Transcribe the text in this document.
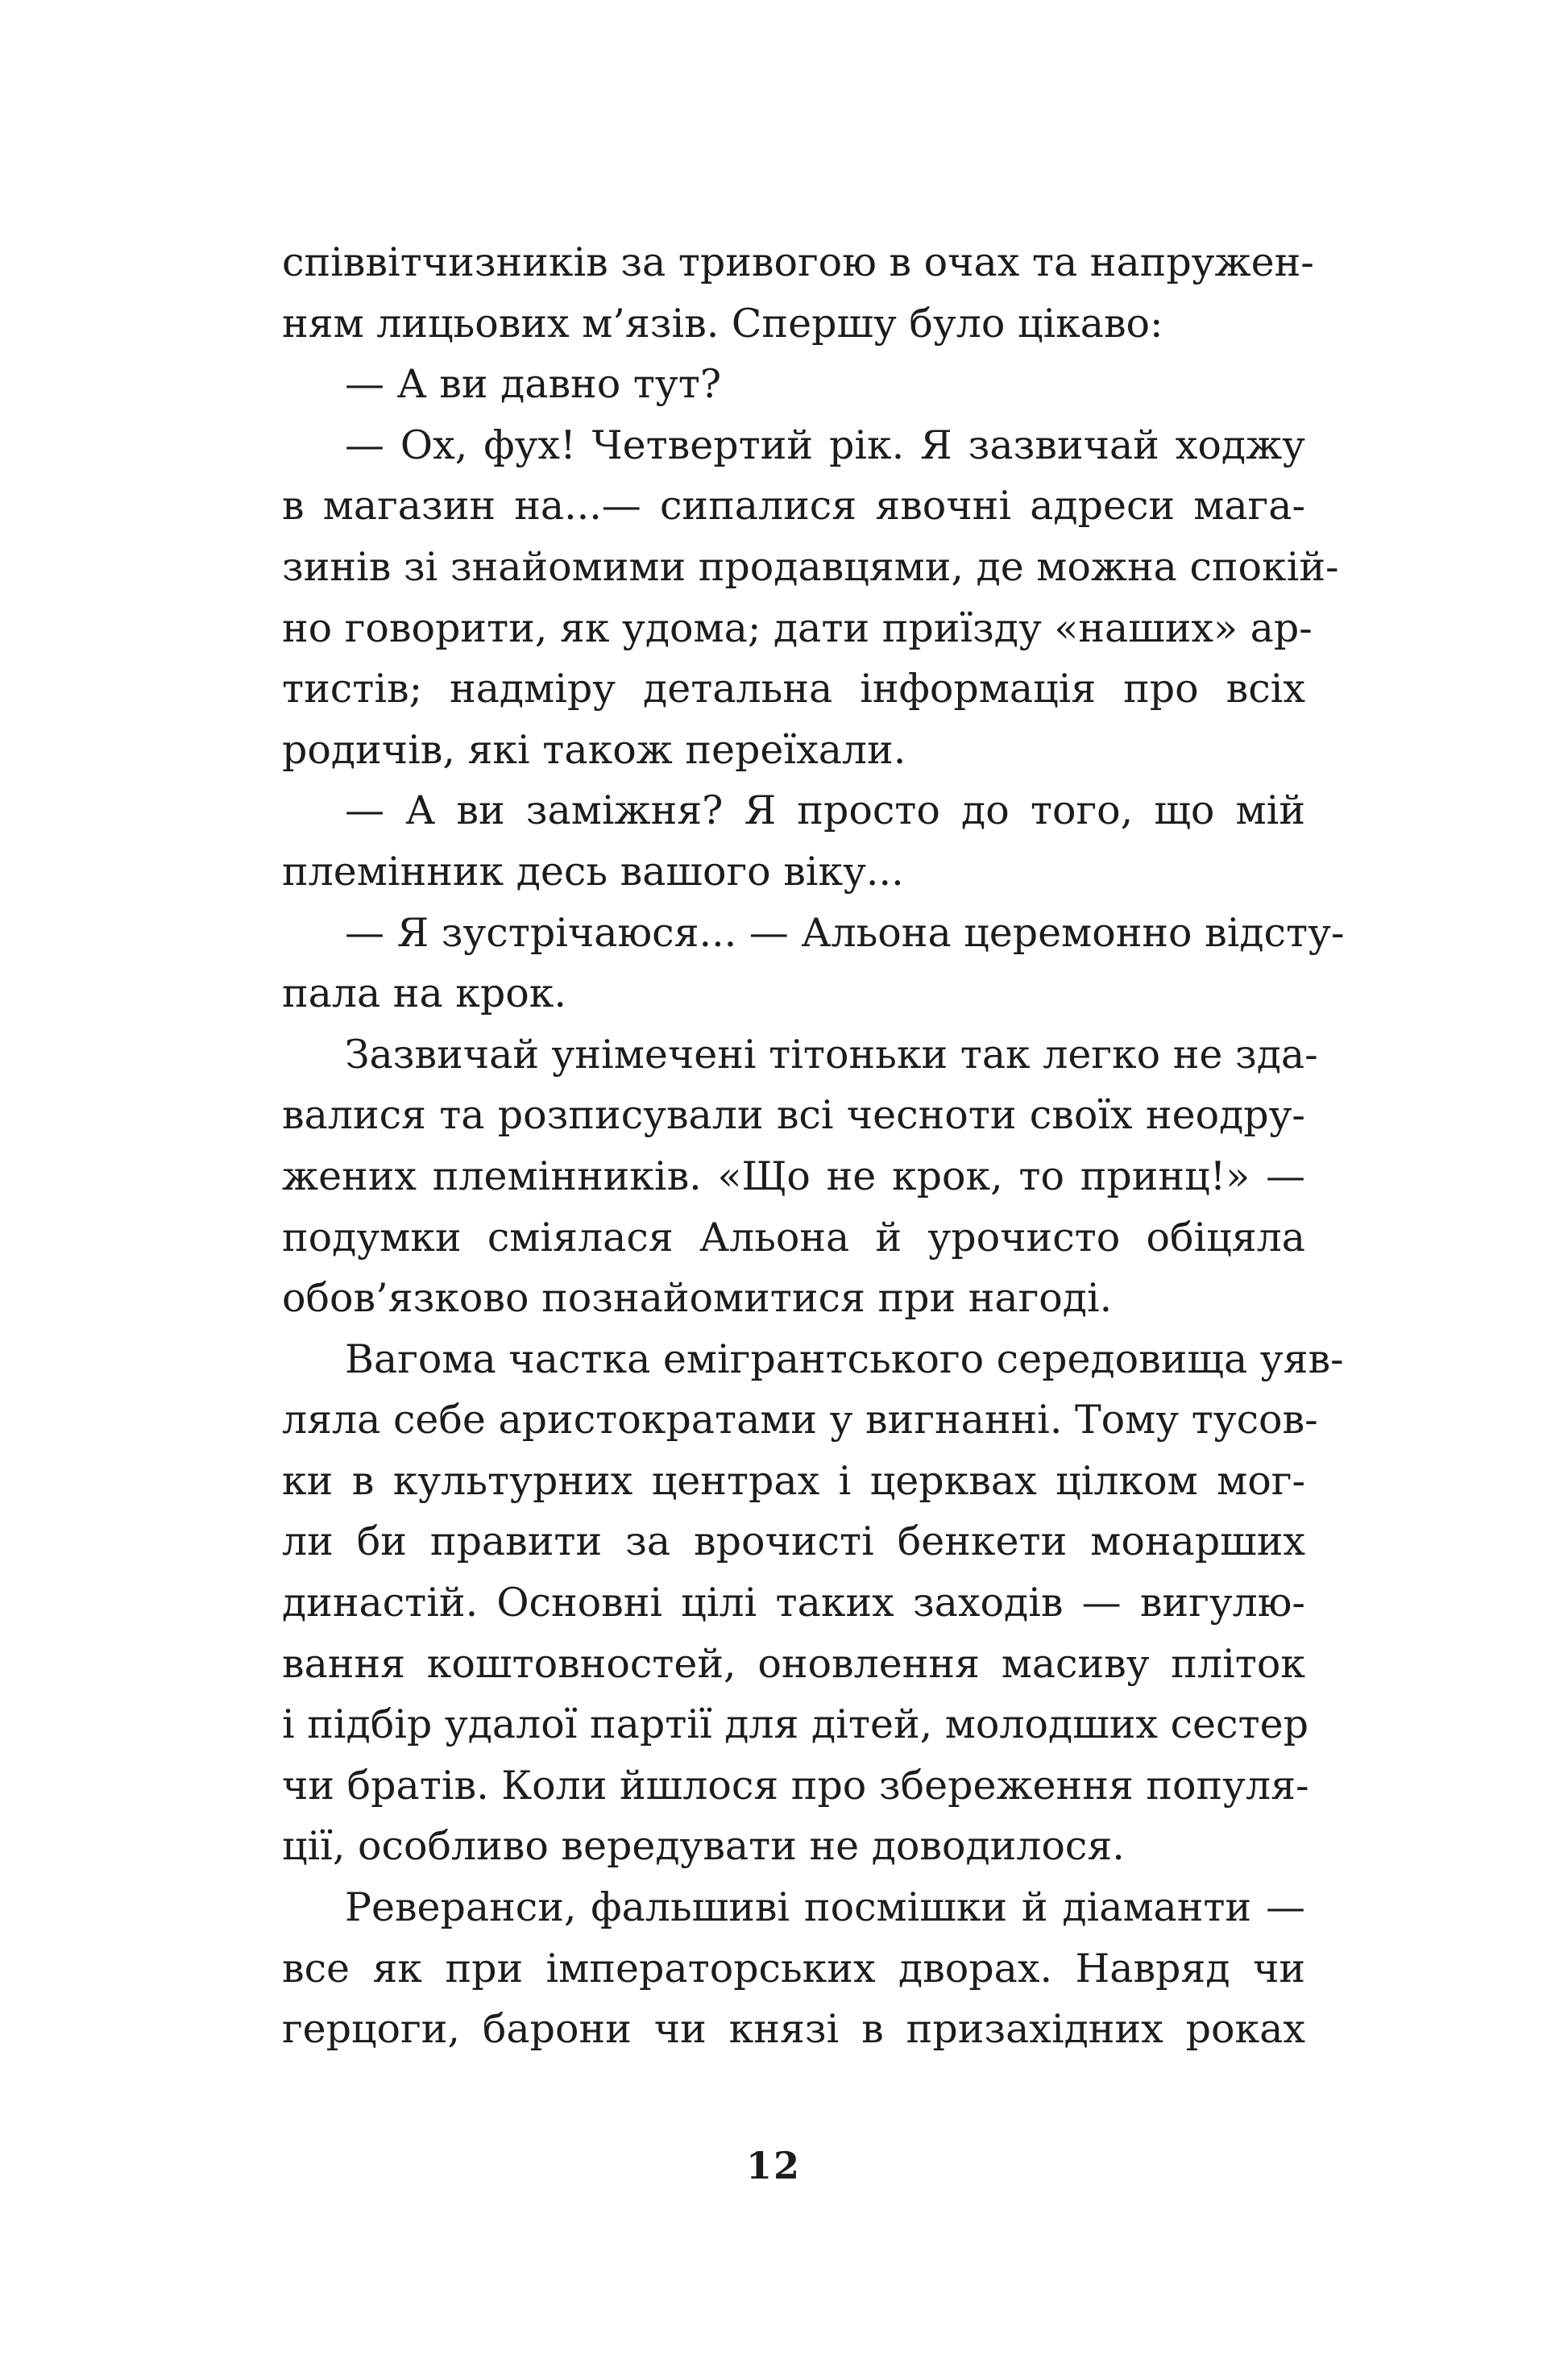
співвітчизників за тривогою в очах та напружен-
ням лицьових м’язів. Спершу було цікаво:
— А ви давно тут?
— Ох, фух! Четвертий рік. Я зазвичай ходжу
в магазин на...— сипалися явочні адреси мага-
зинів зі знайомими продавцями, де можна спокій-
но говорити, як удома; дати приїзду «наших» ар-
тистів; надміру детальна інформація про всіх
родичів, які також переїхали.
— А ви заміжня? Я просто до того, що мій
племінник десь вашого віку...
— Я зустрічаюся... — Альона церемонно відсту-
пала на крок.
Зазвичай унімечені тітоньки так легко не зда-
валися та розписували всі чесноти своїх неодру-
жених племінників. «Що не крок, то принц!» —
подумки сміялася Альона й урочисто обіцяла
обов’язково познайомитися при нагоді.
Вагома частка емігрантського середовища уяв-
ляла себе аристократами у вигнанні. Тому тусов-
ки в культурних центрах і церквах цілком мог-
ли би правити за врочисті бенкети монарших
династій. Основні цілі таких заходів — вигулю-
вання коштовностей, оновлення масиву пліток
і підбір удалої партії для дітей, молодших сестер
чи братів. Коли йшлося про збереження популя-
ції, особливо вередувати не доводилося.
Реверанси, фальшиві посмішки й діаманти —
все як при імператорських дворах. Навряд чи
герцоги, барони чи князі в призахідних роках
12
